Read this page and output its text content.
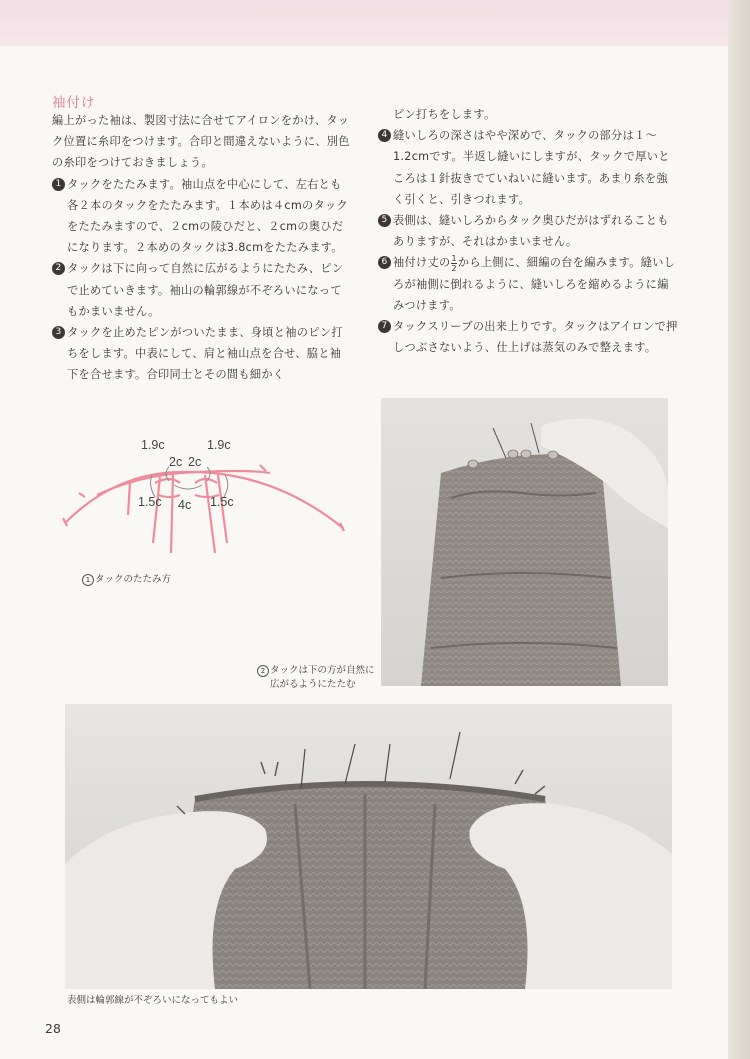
袖付け

編上がった袖は、製図寸法に合せてアイロンをかけ、タック位置に糸印をつけます。合印と間違えないように、別色の糸印をつけておきましょう。

1 タックをたたみます。袖山点を中心にして、左右とも各２本のタックをたたみます。１本めは４cmのタックをたたみますので、２cmの陵ひだと、２cmの奥ひだになります。２本めのタックは3.8cmをたたみます。
2 タックは下に向って自然に広がるようにたたみ、ピンで止めていきます。袖山の輪郭線が不ぞろいになってもかまいません。
3 タックを止めたピンがついたまま、身頃と袖のピン打ちをします。中表にして、肩と袖山点を合せ、脇と袖下を合せます。合印同士とその間も細かく

ピン打ちをします。

4 縫いしろの深さはやや深めで、タックの部分は１〜1.2cmです。半返し縫いにしますが、タックで厚いところは１針抜きでていねいに縫います。あまり糸を強く引くと、引きつれます。
5 表側は、縫いしろからタック奥ひだがはずれることもありますが、それはかまいません。
6 袖付け丈の $\frac{1}{2}$ から上側に、細編の台を編みます。縫いしろが袖側に倒れるように、縫いしろを縮めるように編みつけます。
7 タックスリーブの出来上りです。タックはアイロンで押しつぶさないよう、仕上げは蒸気のみで整えます。
1.9c	1.9c
2c 2c
1.5c	1.5c
4c
1 タックのたたみ方
2 タックは下の方が自然に
広がるようにたたむ
表側は輪郭線が不ぞろいになってもよい
28
